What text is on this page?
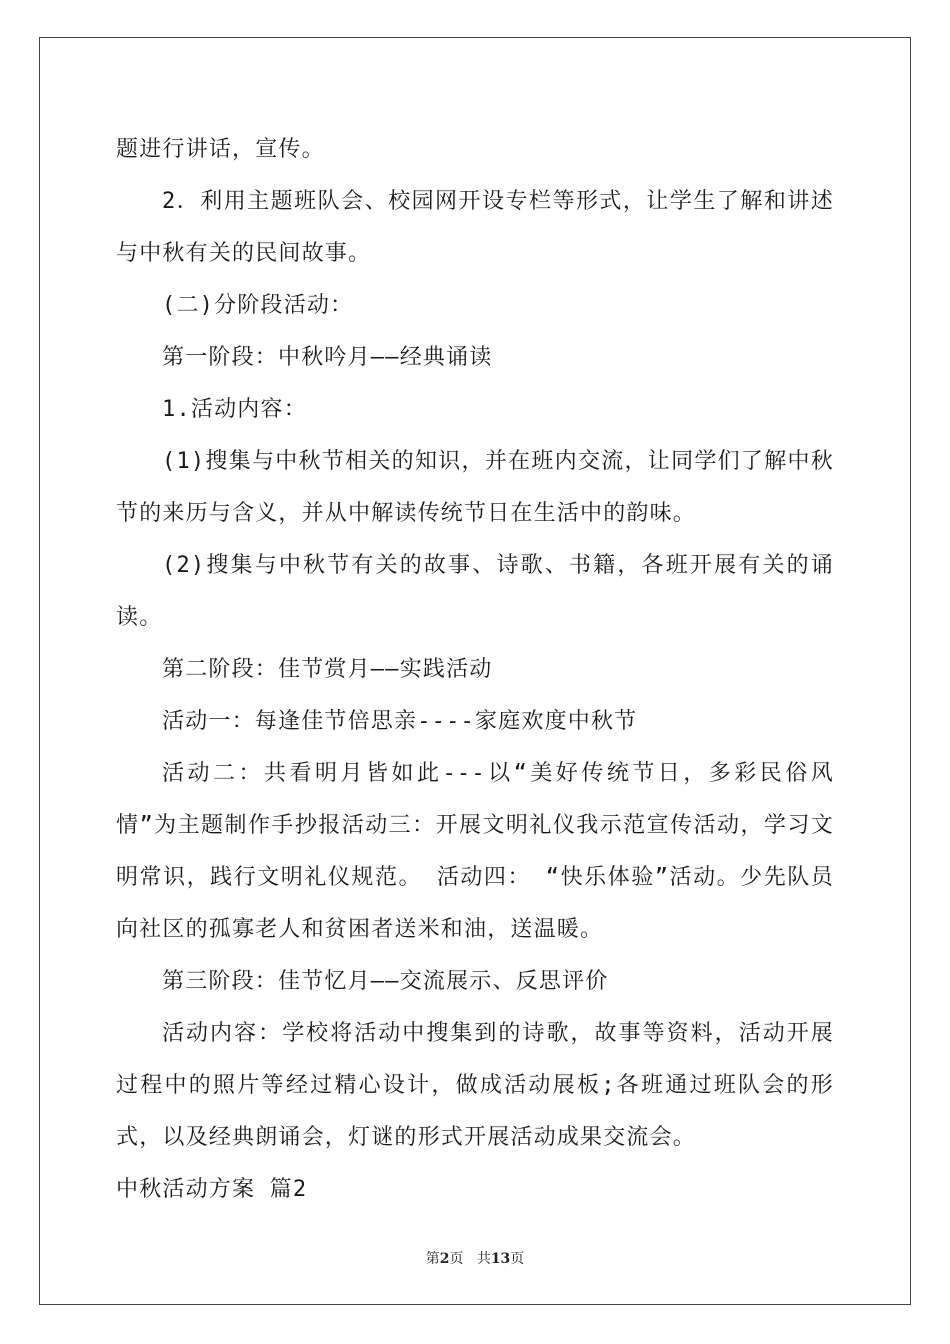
题进行讲话，宣传。

2．利用主题班队会、校园网开设专栏等形式，让学生了解和讲述与中秋有关的民间故事。

(二)分阶段活动：

第一阶段：中秋吟月——经典诵读

1.活动内容：

(1)搜集与中秋节相关的知识，并在班内交流，让同学们了解中秋节的来历与含义，并从中解读传统节日在生活中的韵味。

(2)搜集与中秋节有关的故事、诗歌、书籍，各班开展有关的诵读。

第二阶段：佳节赏月——实践活动

活动一：每逢佳节倍思亲----家庭欢度中秋节

活动二：共看明月皆如此---以“美好传统节日，多彩民俗风情”为主题制作手抄报活动三：开展文明礼仪我示范宣传活动，学习文明常识，践行文明礼仪规范。 活动四： “快乐体验”活动。少先队员向社区的孤寡老人和贫困者送米和油，送温暖。

第三阶段：佳节忆月——交流展示、反思评价

活动内容：学校将活动中搜集到的诗歌，故事等资料，活动开展过程中的照片等经过精心设计，做成活动展板;各班通过班队会的形式，以及经典朗诵会，灯谜的形式开展活动成果交流会。

中秋活动方案 篇2

第2页 共13页
